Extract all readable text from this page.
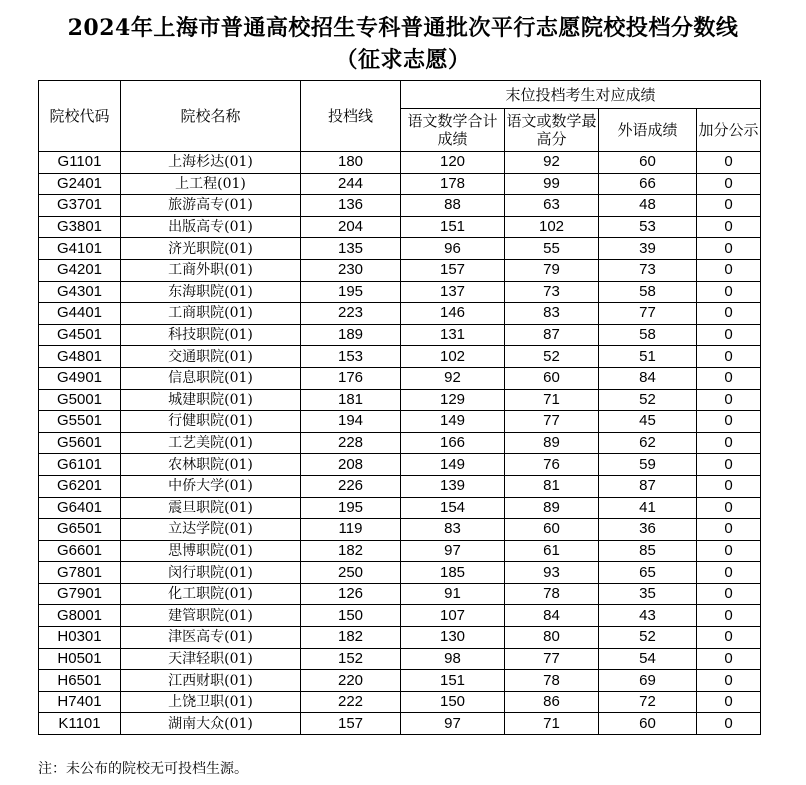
2024年上海市普通高校招生专科普通批次平行志愿院校投档分数线
（征求志愿）
院校代码	院校名称	投档线	末位投档考生对应成绩			
			语文数学合计成绩	语文或数学最高分	外语成绩	加分公示
G1101	上海杉达(01)	180	120	92	60	0
G2401	上工程(01)	244	178	99	66	0
G3701	旅游高专(01)	136	88	63	48	0
G3801	出版高专(01)	204	151	102	53	0
G4101	济光职院(01)	135	96	55	39	0
G4201	工商外职(01)	230	157	79	73	0
G4301	东海职院(01)	195	137	73	58	0
G4401	工商职院(01)	223	146	83	77	0
G4501	科技职院(01)	189	131	87	58	0
G4801	交通职院(01)	153	102	52	51	0
G4901	信息职院(01)	176	92	60	84	0
G5001	城建职院(01)	181	129	71	52	0
G5501	行健职院(01)	194	149	77	45	0
G5601	工艺美院(01)	228	166	89	62	0
G6101	农林职院(01)	208	149	76	59	0
G6201	中侨大学(01)	226	139	81	87	0
G6401	震旦职院(01)	195	154	89	41	0
G6501	立达学院(01)	119	83	60	36	0
G6601	思博职院(01)	182	97	61	85	0
G7801	闵行职院(01)	250	185	93	65	0
G7901	化工职院(01)	126	91	78	35	0
G8001	建管职院(01)	150	107	84	43	0
H0301	津医高专(01)	182	130	80	52	0
H0501	天津轻职(01)	152	98	77	54	0
H6501	江西财职(01)	220	151	78	69	0
H7401	上饶卫职(01)	222	150	86	72	0
K1101	湖南大众(01)	157	97	71	60	0
注：未公布的院校无可投档生源。
